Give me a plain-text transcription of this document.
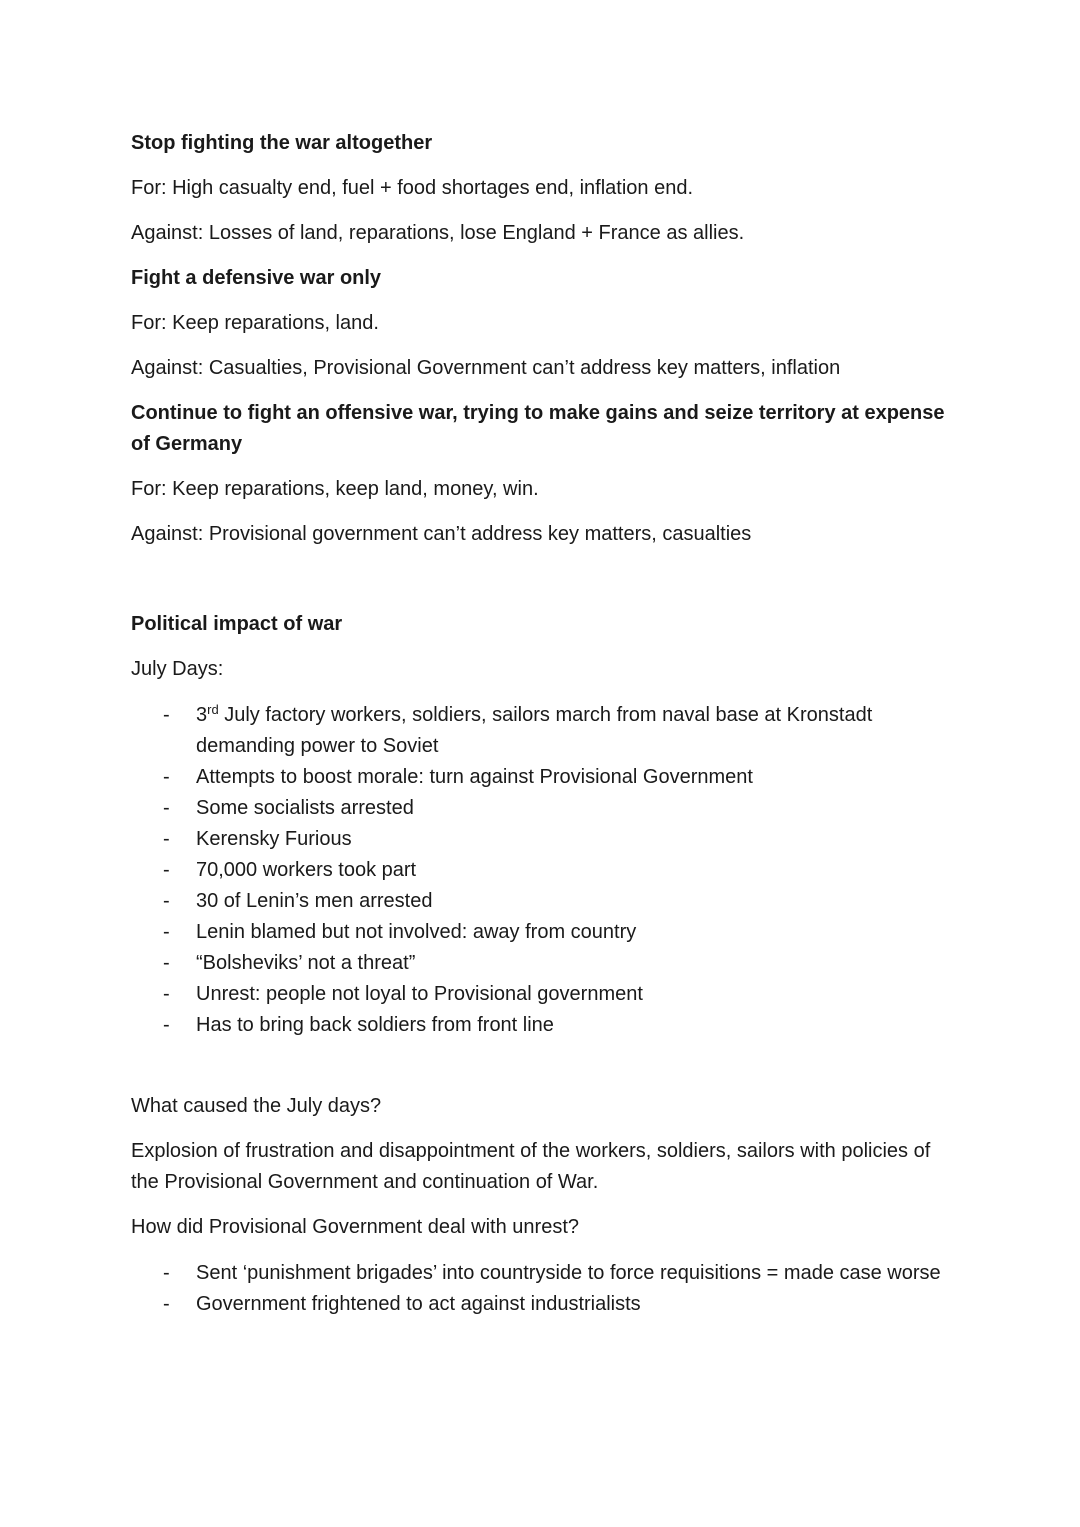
Stop fighting the war altogether

For: High casualty end, fuel + food shortages end, inflation end.

Against: Losses of land, reparations, lose England + France as allies.

Fight a defensive war only

For: Keep reparations, land.

Against: Casualties, Provisional Government can’t address key matters, inflation

Continue to fight an offensive war, trying to make gains and seize territory at expense of Germany

For: Keep reparations, keep land, money, win.

Against: Provisional government can’t address key matters, casualties

Political impact of war

July Days:

- 3rd July factory workers, soldiers, sailors march from naval base at Kronstadt demanding power to Soviet
- Attempts to boost morale: turn against Provisional Government
- Some socialists arrested
- Kerensky Furious
- 70,000 workers took part
- 30 of Lenin’s men arrested
- Lenin blamed but not involved: away from country
- “Bolsheviks’ not a threat”
- Unrest: people not loyal to Provisional government
- Has to bring back soldiers from front line

What caused the July days?

Explosion of frustration and disappointment of the workers, soldiers, sailors with policies of the Provisional Government and continuation of War.

How did Provisional Government deal with unrest?

- Sent ‘punishment brigades’ into countryside to force requisitions = made case worse
- Government frightened to act against industrialists
